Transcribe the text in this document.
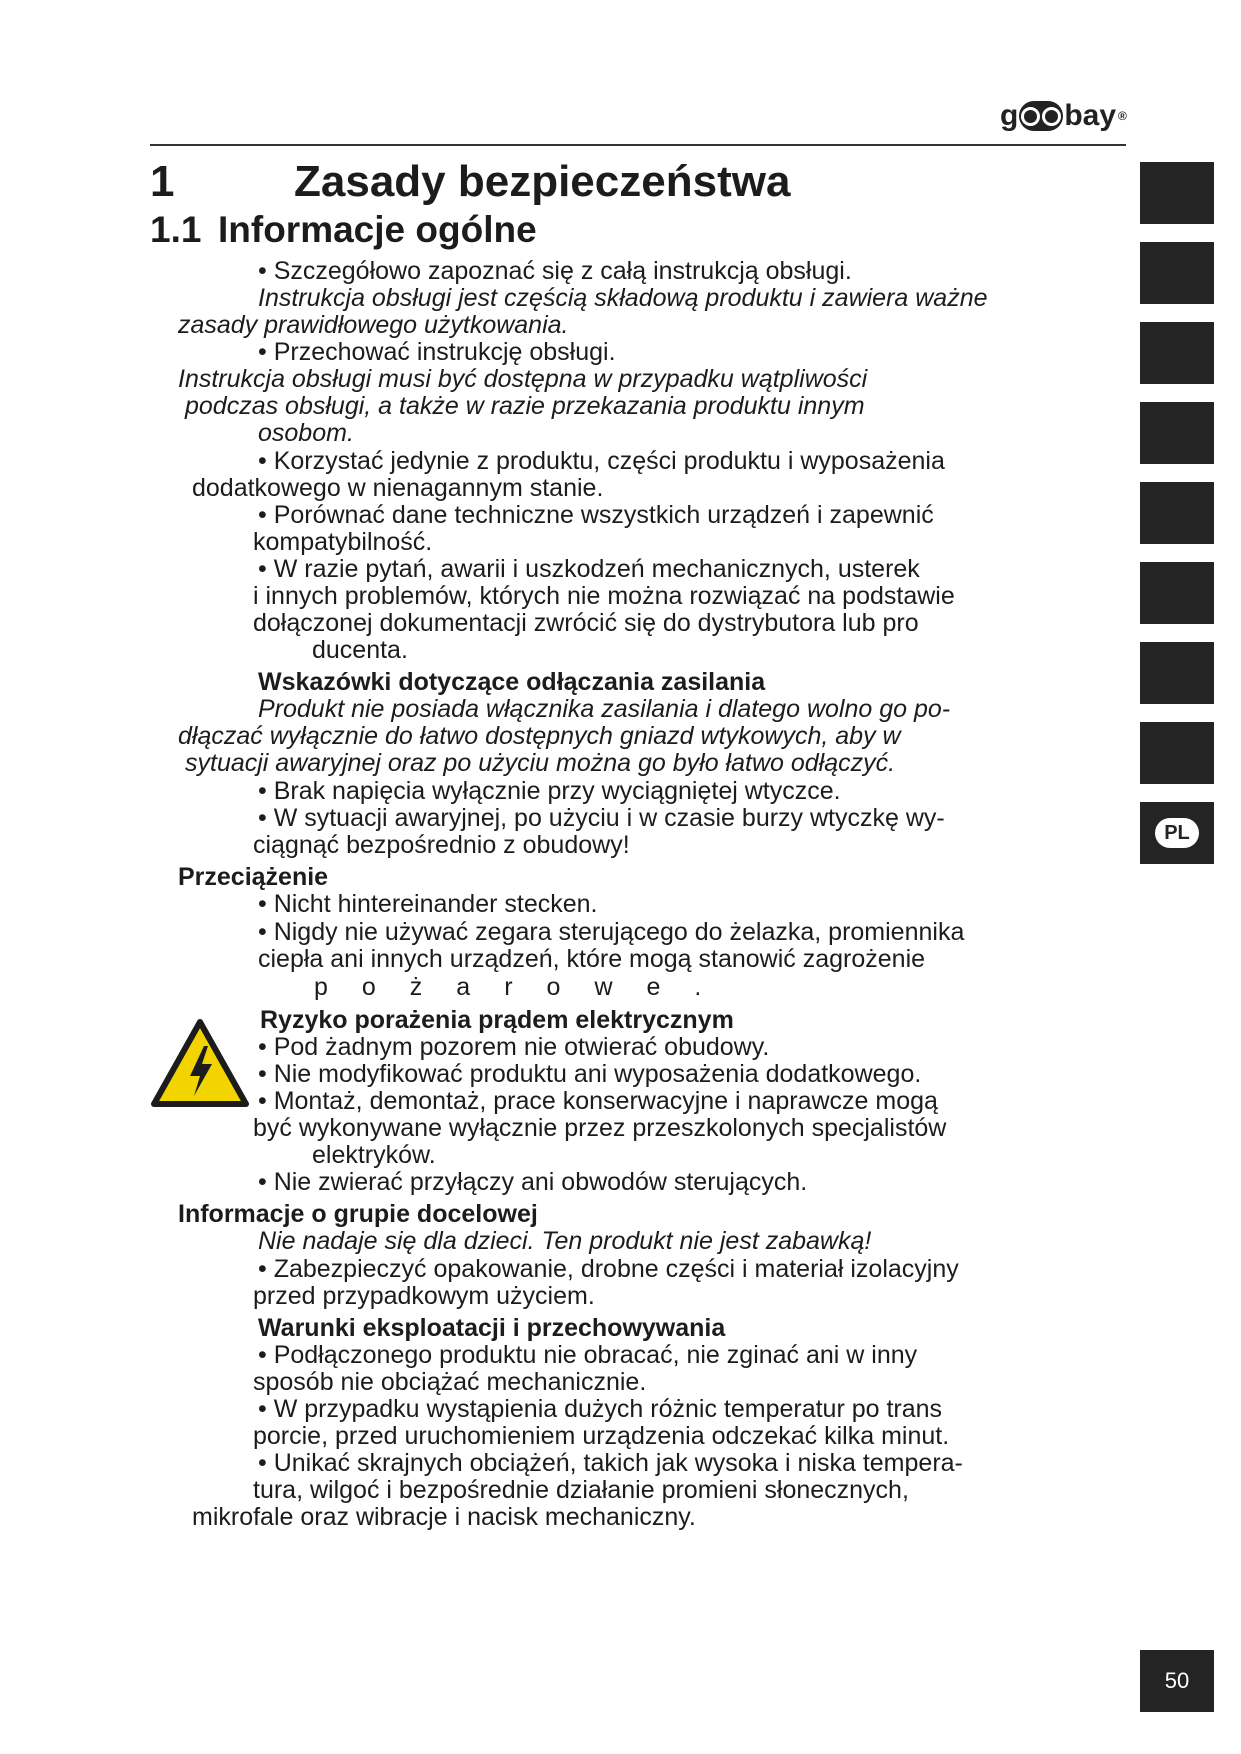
g bay ®
1	Zasady bezpieczeństwa
1.1 Informacje ogólne
• Szczegółowo zapoznać się z całą instrukcją obsługi.
Instrukcja obsługi jest częścią składową produktu i zawiera ważne
zasady prawidłowego użytkowania.
• Przechować instrukcję obsługi.
Instrukcja obsługi musi być dostępna w przypadku wątpliwości
podczas obsługi, a także w razie przekazania produktu innym
osobom.
• Korzystać jedynie z produktu, części produktu i wyposażenia
dodatkowego w nienagannym stanie.
• Porównać dane techniczne wszystkich urządzeń i zapewnić
kompatybilność.
• W razie pytań, awarii i uszkodzeń mechanicznych, usterek
i innych problemów, których nie można rozwiązać na podstawie
dołączonej dokumentacji zwrócić się do dystrybutora lub pro
ducenta.
Wskazówki dotyczące odłączania zasilania
Produkt nie posiada włącznika zasilania i dlatego wolno go po-
dłączać wyłącznie do łatwo dostępnych gniazd wtykowych, aby w
sytuacji awaryjnej oraz po użyciu można go było łatwo odłączyć.
• Brak napięcia wyłącznie przy wyciągniętej wtyczce.
• W sytuacji awaryjnej, po użyciu i w czasie burzy wtyczkę wy-
ciągnąć bezpośrednio z obudowy!
Przeciążenie
• Nicht hintereinander stecken.
• Nigdy nie używać zegara sterującego do żelazka, promiennika
ciepła ani innych urządzeń, które mogą stanowić zagrożenie
pożarowe.
Ryzyko porażenia prądem elektrycznym
• Pod żadnym pozorem nie otwierać obudowy.
• Nie modyfikować produktu ani wyposażenia dodatkowego.
• Montaż, demontaż, prace konserwacyjne i naprawcze mogą
być wykonywane wyłącznie przez przeszkolonych specjalistów
elektryków.
• Nie zwierać przyłączy ani obwodów sterujących.
Informacje o grupie docelowej
Nie nadaje się dla dzieci. Ten produkt nie jest zabawką!
• Zabezpieczyć opakowanie, drobne części i materiał izolacyjny
przed przypadkowym użyciem.
Warunki eksploatacji i przechowywania
• Podłączonego produktu nie obracać, nie zginać ani w inny
sposób nie obciążać mechanicznie.
• W przypadku wystąpienia dużych różnic temperatur po trans
porcie, przed uruchomieniem urządzenia odczekać kilka minut.
• Unikać skrajnych obciążeń, takich jak wysoka i niska tempera-
tura, wilgoć i bezpośrednie działanie promieni słonecznych,
mikrofale oraz wibracje i nacisk mechaniczny.
PL
50
